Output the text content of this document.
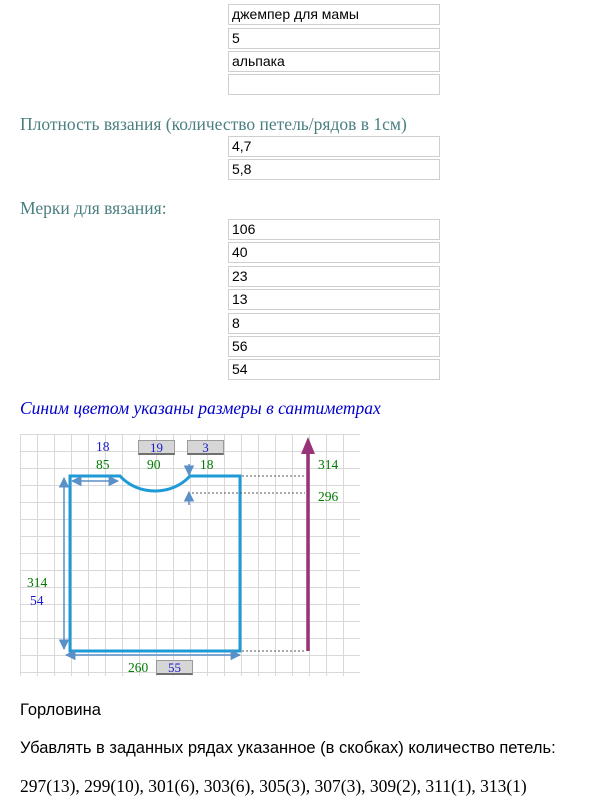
джемпер для мамы
5
альпака
Плотность вязания (количество петель/рядов в 1см)
4,7
5,8
Мерки для вязания:
106
40
23
13
8
56
54
Синим цветом указаны размеры в сантиметрах
18	19	3
85	90	18	314
296
314
54
260	55
Горловина
Убавлять в заданных рядах указанное (в скобках) количество петель:
297(13), 299(10), 301(6), 303(6), 305(3), 307(3), 309(2), 311(1), 313(1)
